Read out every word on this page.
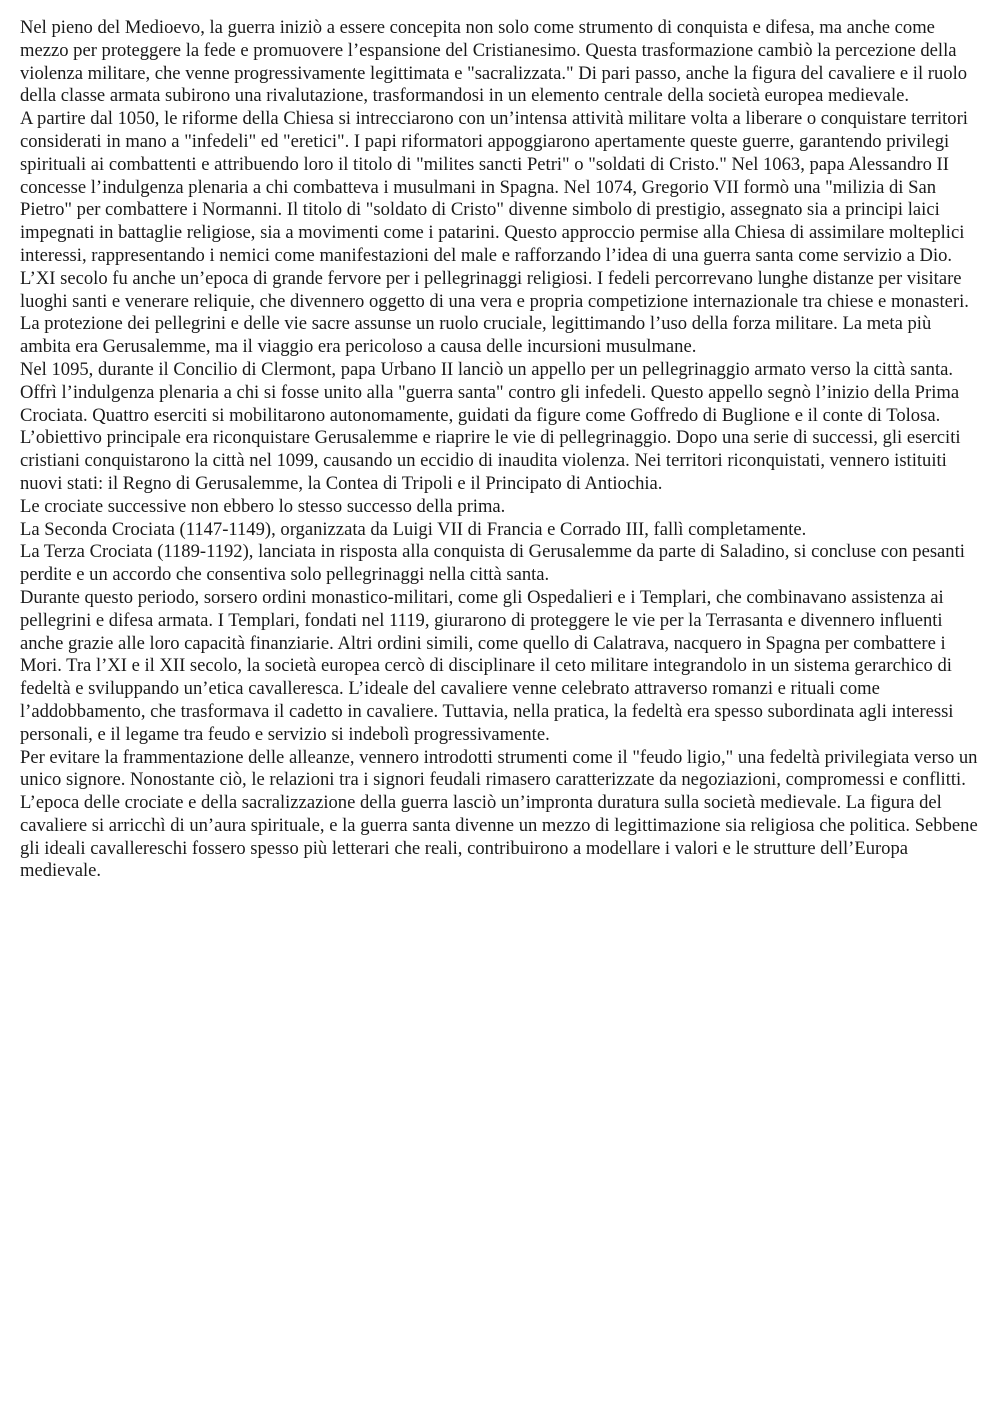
Nel pieno del Medioevo, la guerra iniziò a essere concepita non solo come strumento di conquista e difesa, ma anche come mezzo per proteggere la fede e promuovere l’espansione del Cristianesimo. Questa trasformazione cambiò la percezione della violenza militare, che venne progressivamente legittimata e "sacralizzata." Di pari passo, anche la figura del cavaliere e il ruolo della classe armata subirono una rivalutazione, trasformandosi in un elemento centrale della società europea medievale.

A partire dal 1050, le riforme della Chiesa si intrecciarono con un’intensa attività militare volta a liberare o conquistare territori considerati in mano a "infedeli" ed "eretici". I papi riformatori appoggiarono apertamente queste guerre, garantendo privilegi spirituali ai combattenti e attribuendo loro il titolo di "milites sancti Petri" o "soldati di Cristo." Nel 1063, papa Alessandro II concesse l’indulgenza plenaria a chi combatteva i musulmani in Spagna. Nel 1074, Gregorio VII formò una "milizia di San Pietro" per combattere i Normanni. Il titolo di "soldato di Cristo" divenne simbolo di prestigio, assegnato sia a principi laici impegnati in battaglie religiose, sia a movimenti come i patarini. Questo approccio permise alla Chiesa di assimilare molteplici interessi, rappresentando i nemici come manifestazioni del male e rafforzando l’idea di una guerra santa come servizio a Dio.

L’XI secolo fu anche un’epoca di grande fervore per i pellegrinaggi religiosi. I fedeli percorrevano lunghe distanze per visitare luoghi santi e venerare reliquie, che divennero oggetto di una vera e propria competizione internazionale tra chiese e monasteri. La protezione dei pellegrini e delle vie sacre assunse un ruolo cruciale, legittimando l’uso della forza militare. La meta più ambita era Gerusalemme, ma il viaggio era pericoloso a causa delle incursioni musulmane.

Nel 1095, durante il Concilio di Clermont, papa Urbano II lanciò un appello per un pellegrinaggio armato verso la città santa. Offrì l’indulgenza plenaria a chi si fosse unito alla "guerra santa" contro gli infedeli. Questo appello segnò l’inizio della Prima Crociata. Quattro eserciti si mobilitarono autonomamente, guidati da figure come Goffredo di Buglione e il conte di Tolosa. L’obiettivo principale era riconquistare Gerusalemme e riaprire le vie di pellegrinaggio. Dopo una serie di successi, gli eserciti cristiani conquistarono la città nel 1099, causando un eccidio di inaudita violenza. Nei territori riconquistati, vennero istituiti nuovi stati: il Regno di Gerusalemme, la Contea di Tripoli e il Principato di Antiochia.

Le crociate successive non ebbero lo stesso successo della prima.

La Seconda Crociata (1147-1149), organizzata da Luigi VII di Francia e Corrado III, fallì completamente.

La Terza Crociata (1189-1192), lanciata in risposta alla conquista di Gerusalemme da parte di Saladino, si concluse con pesanti perdite e un accordo che consentiva solo pellegrinaggi nella città santa.

Durante questo periodo, sorsero ordini monastico-militari, come gli Ospedalieri e i Templari, che combinavano assistenza ai pellegrini e difesa armata. I Templari, fondati nel 1119, giurarono di proteggere le vie per la Terrasanta e divennero influenti anche grazie alle loro capacità finanziarie. Altri ordini simili, come quello di Calatrava, nacquero in Spagna per combattere i Mori. Tra l’XI e il XII secolo, la società europea cercò di disciplinare il ceto militare integrandolo in un sistema gerarchico di fedeltà e sviluppando un’etica cavalleresca. L’ideale del cavaliere venne celebrato attraverso romanzi e rituali come l’addobbamento, che trasformava il cadetto in cavaliere. Tuttavia, nella pratica, la fedeltà era spesso subordinata agli interessi personali, e il legame tra feudo e servizio si indebolì progressivamente.

Per evitare la frammentazione delle alleanze, vennero introdotti strumenti come il "feudo ligio," una fedeltà privilegiata verso un unico signore. Nonostante ciò, le relazioni tra i signori feudali rimasero caratterizzate da negoziazioni, compromessi e conflitti. L’epoca delle crociate e della sacralizzazione della guerra lasciò un’impronta duratura sulla società medievale. La figura del cavaliere si arricchì di un’aura spirituale, e la guerra santa divenne un mezzo di legittimazione sia religiosa che politica. Sebbene gli ideali cavallereschi fossero spesso più letterari che reali, contribuirono a modellare i valori e le strutture dell’Europa medievale.
